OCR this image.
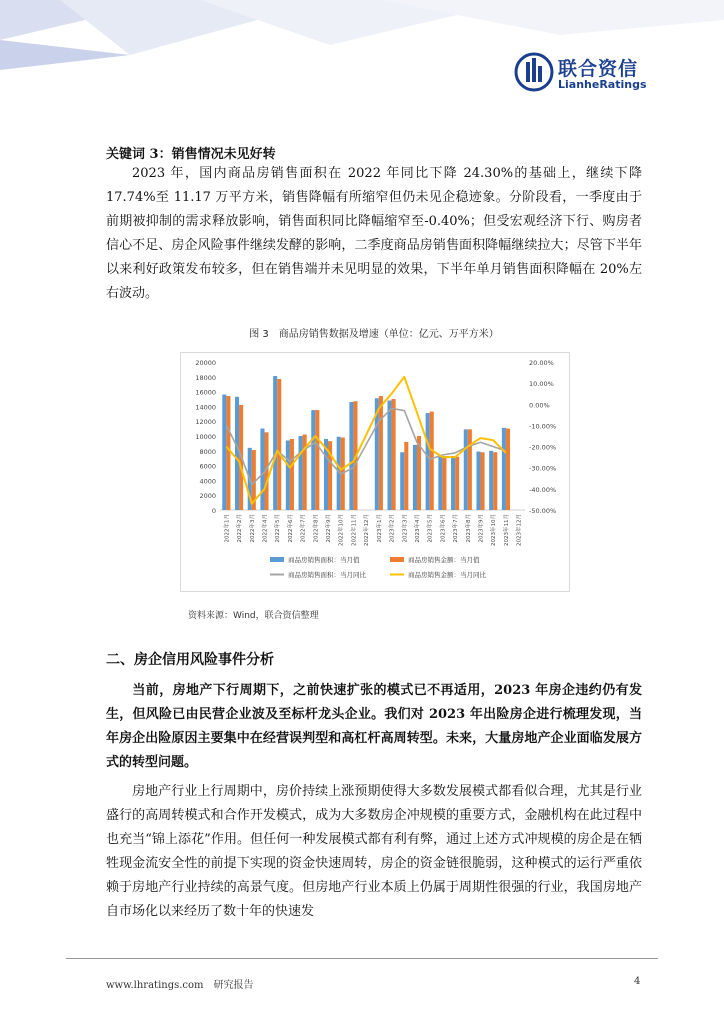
联合资信
LianheRatings
关键词 3：销售情况未见好转
2023 年，国内商品房销售面积在 2022 年同比下降 24.30%的基础上，继续下降 17.74%至 11.17 万平方米，销售降幅有所缩窄但仍未见企稳迹象。分阶段看，一季度由于前期被抑制的需求释放影响，销售面积同比降幅缩窄至-0.40%；但受宏观经济下行、购房者信心不足、房企风险事件继续发酵的影响，二季度商品房销售面积降幅继续拉大；尽管下半年以来利好政策发布较多，但在销售端并未见明显的效果，下半年单月销售面积降幅在 20%左右波动。
图 3　商品房销售数据及增速（单位：亿元、万平方米）
0
2000
4000
6000
8000
10000
12000
14000
16000
18000
20000
-50.00%
-40.00%
-30.00%
-20.00%
-10.00%
0.00%
10.00%
20.00%
2022年1月	2022年2月	2022年3月	2022年4月	2022年5月	2022年6月	2022年7月	2022年8月	2022年9月	2022年10月	2022年11月	2022年12月	2023年1月	2023年2月	2023年3月	2023年4月	2023年5月	2023年6月	2023年7月	2023年8月	2023年9月	2023年10月	2023年11月	2023年12月
商品房销售面积：当月值	商品房销售金额：当月值
商品房销售面积：当月同比	商品房销售金额：当月同比
资料来源：Wind，联合资信整理
二、房企信用风险事件分析
当前，房地产下行周期下，之前快速扩张的模式已不再适用，2023 年房企违约仍有发生，但风险已由民营企业波及至标杆龙头企业。我们对 2023 年出险房企进行梳理发现，当年房企出险原因主要集中在经营误判型和高杠杆高周转型。未来，大量房地产企业面临发展方式的转型问题。
房地产行业上行周期中，房价持续上涨预期使得大多数发展模式都看似合理，尤其是行业盛行的高周转模式和合作开发模式，成为大多数房企冲规模的重要方式，金融机构在此过程中也充当“锦上添花”作用。但任何一种发展模式都有利有弊，通过上述方式冲规模的房企是在牺牲现金流安全性的前提下实现的资金快速周转，房企的资金链很脆弱，这种模式的运行严重依赖于房地产行业持续的高景气度。但房地产行业本质上仍属于周期性很强的行业，我国房地产自市场化以来经历了数十年的快速发
www.lhratings.com　研究报告	4
